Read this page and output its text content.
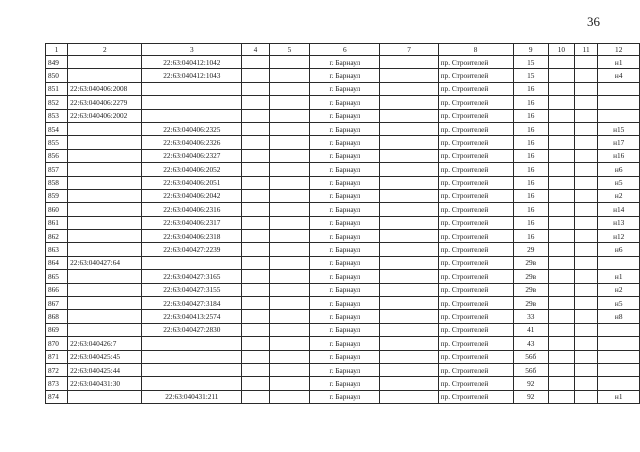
36
1	2	3	4	5	6	7	8	9	10	11	12
849		22:63:040412:1042			г. Барнаул		пр. Строителей	15			н1
850		22:63:040412:1043			г. Барнаул		пр. Строителей	15			н4
851	22:63:040406:2008				г. Барнаул		пр. Строителей	16			
852	22:63:040406:2279				г. Барнаул		пр. Строителей	16			
853	22:63:040406:2002				г. Барнаул		пр. Строителей	16			
854		22:63:040406:2325			г. Барнаул		пр. Строителей	16			н15
855		22:63:040406:2326			г. Барнаул		пр. Строителей	16			н17
856		22:63:040406:2327			г. Барнаул		пр. Строителей	16			н16
857		22:63:040406:2052			г. Барнаул		пр. Строителей	16			н6
858		22:63:040406:2051			г. Барнаул		пр. Строителей	16			н5
859		22:63:040406:2042			г. Барнаул		пр. Строителей	16			н2
860		22:63:040406:2316			г. Барнаул		пр. Строителей	16			н14
861		22:63:040406:2317			г. Барнаул		пр. Строителей	16			н13
862		22:63:040406:2318			г. Барнаул		пр. Строителей	16			н12
863		22:63:040427:2239			г. Барнаул		пр. Строителей	29			н6
864	22:63:040427:64				г. Барнаул		пр. Строителей	29в			
865		22:63:040427:3165			г. Барнаул		пр. Строителей	29в			н1
866		22:63:040427:3155			г. Барнаул		пр. Строителей	29в			н2
867		22:63:040427:3184			г. Барнаул		пр. Строителей	29в			н5
868		22:63:040413:2574			г. Барнаул		пр. Строителей	33			н8
869		22:63:040427:2830			г. Барнаул		пр. Строителей	41			
870	22:63:040426:7				г. Барнаул		пр. Строителей	43			
871	22:63:040425:45				г. Барнаул		пр. Строителей	56б			
872	22:63:040425:44				г. Барнаул		пр. Строителей	56б			
873	22:63:040431:30				г. Барнаул		пр. Строителей	92			
874		22:63:040431:211			г. Барнаул		пр. Строителей	92			н1
